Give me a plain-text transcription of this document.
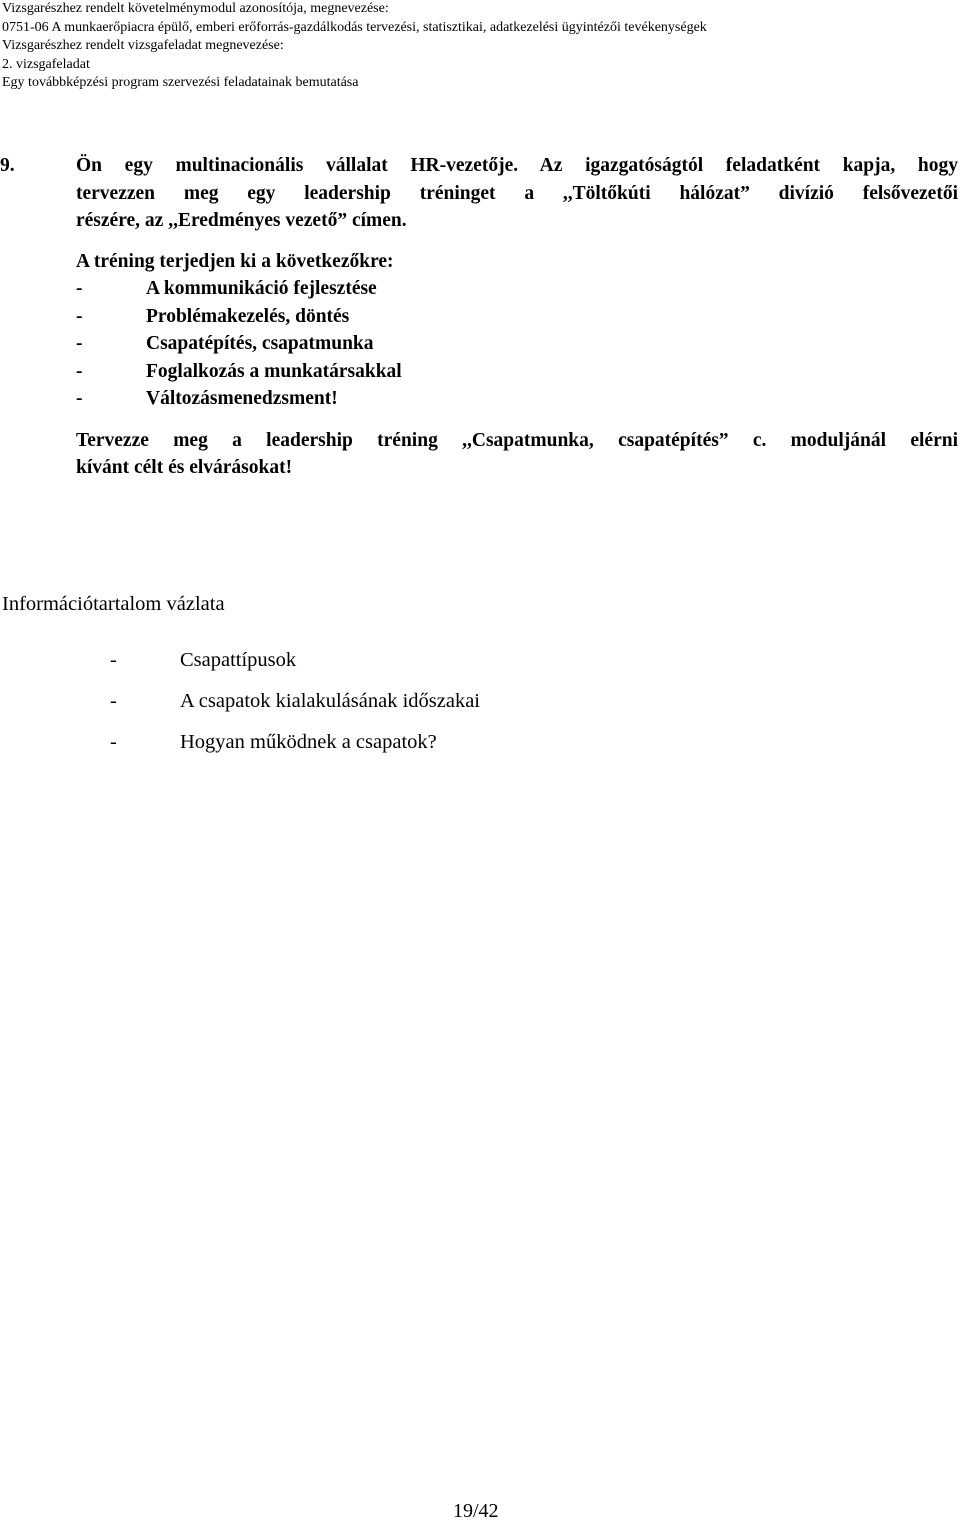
Vizsgarészhez rendelt követelménymodul azonosítója, megnevezése:
0751-06 A munkaerőpiacra épülő, emberi erőforrás-gazdálkodás tervezési, statisztikai, adatkezelési ügyintézői tevékenységek
Vizsgarészhez rendelt vizsgafeladat megnevezése:
2. vizsgafeladat
Egy továbbképzési program szervezési feladatainak bemutatása
9.	Ön egy multinacionális vállalat HR-vezetője. Az igazgatóságtól feladatként kapja, hogy
tervezzen meg egy leadership tréninget a ,,Töltőkúti hálózat” divízió felsővezetői
részére, az ,,Eredményes vezető” címen.
A tréning terjedjen ki a következőkre:
-	A kommunikáció fejlesztése
-	Problémakezelés, döntés
-	Csapatépítés, csapatmunka
-	Foglalkozás a munkatársakkal
-	Változásmenedzsment!
Tervezze meg a leadership tréning ,,Csapatmunka, csapatépítés” c. moduljánál elérni
kívánt célt és elvárásokat!
Információtartalom vázlata
-	Csapattípusok
-	A csapatok kialakulásának időszakai
-	Hogyan működnek a csapatok?
19/42
